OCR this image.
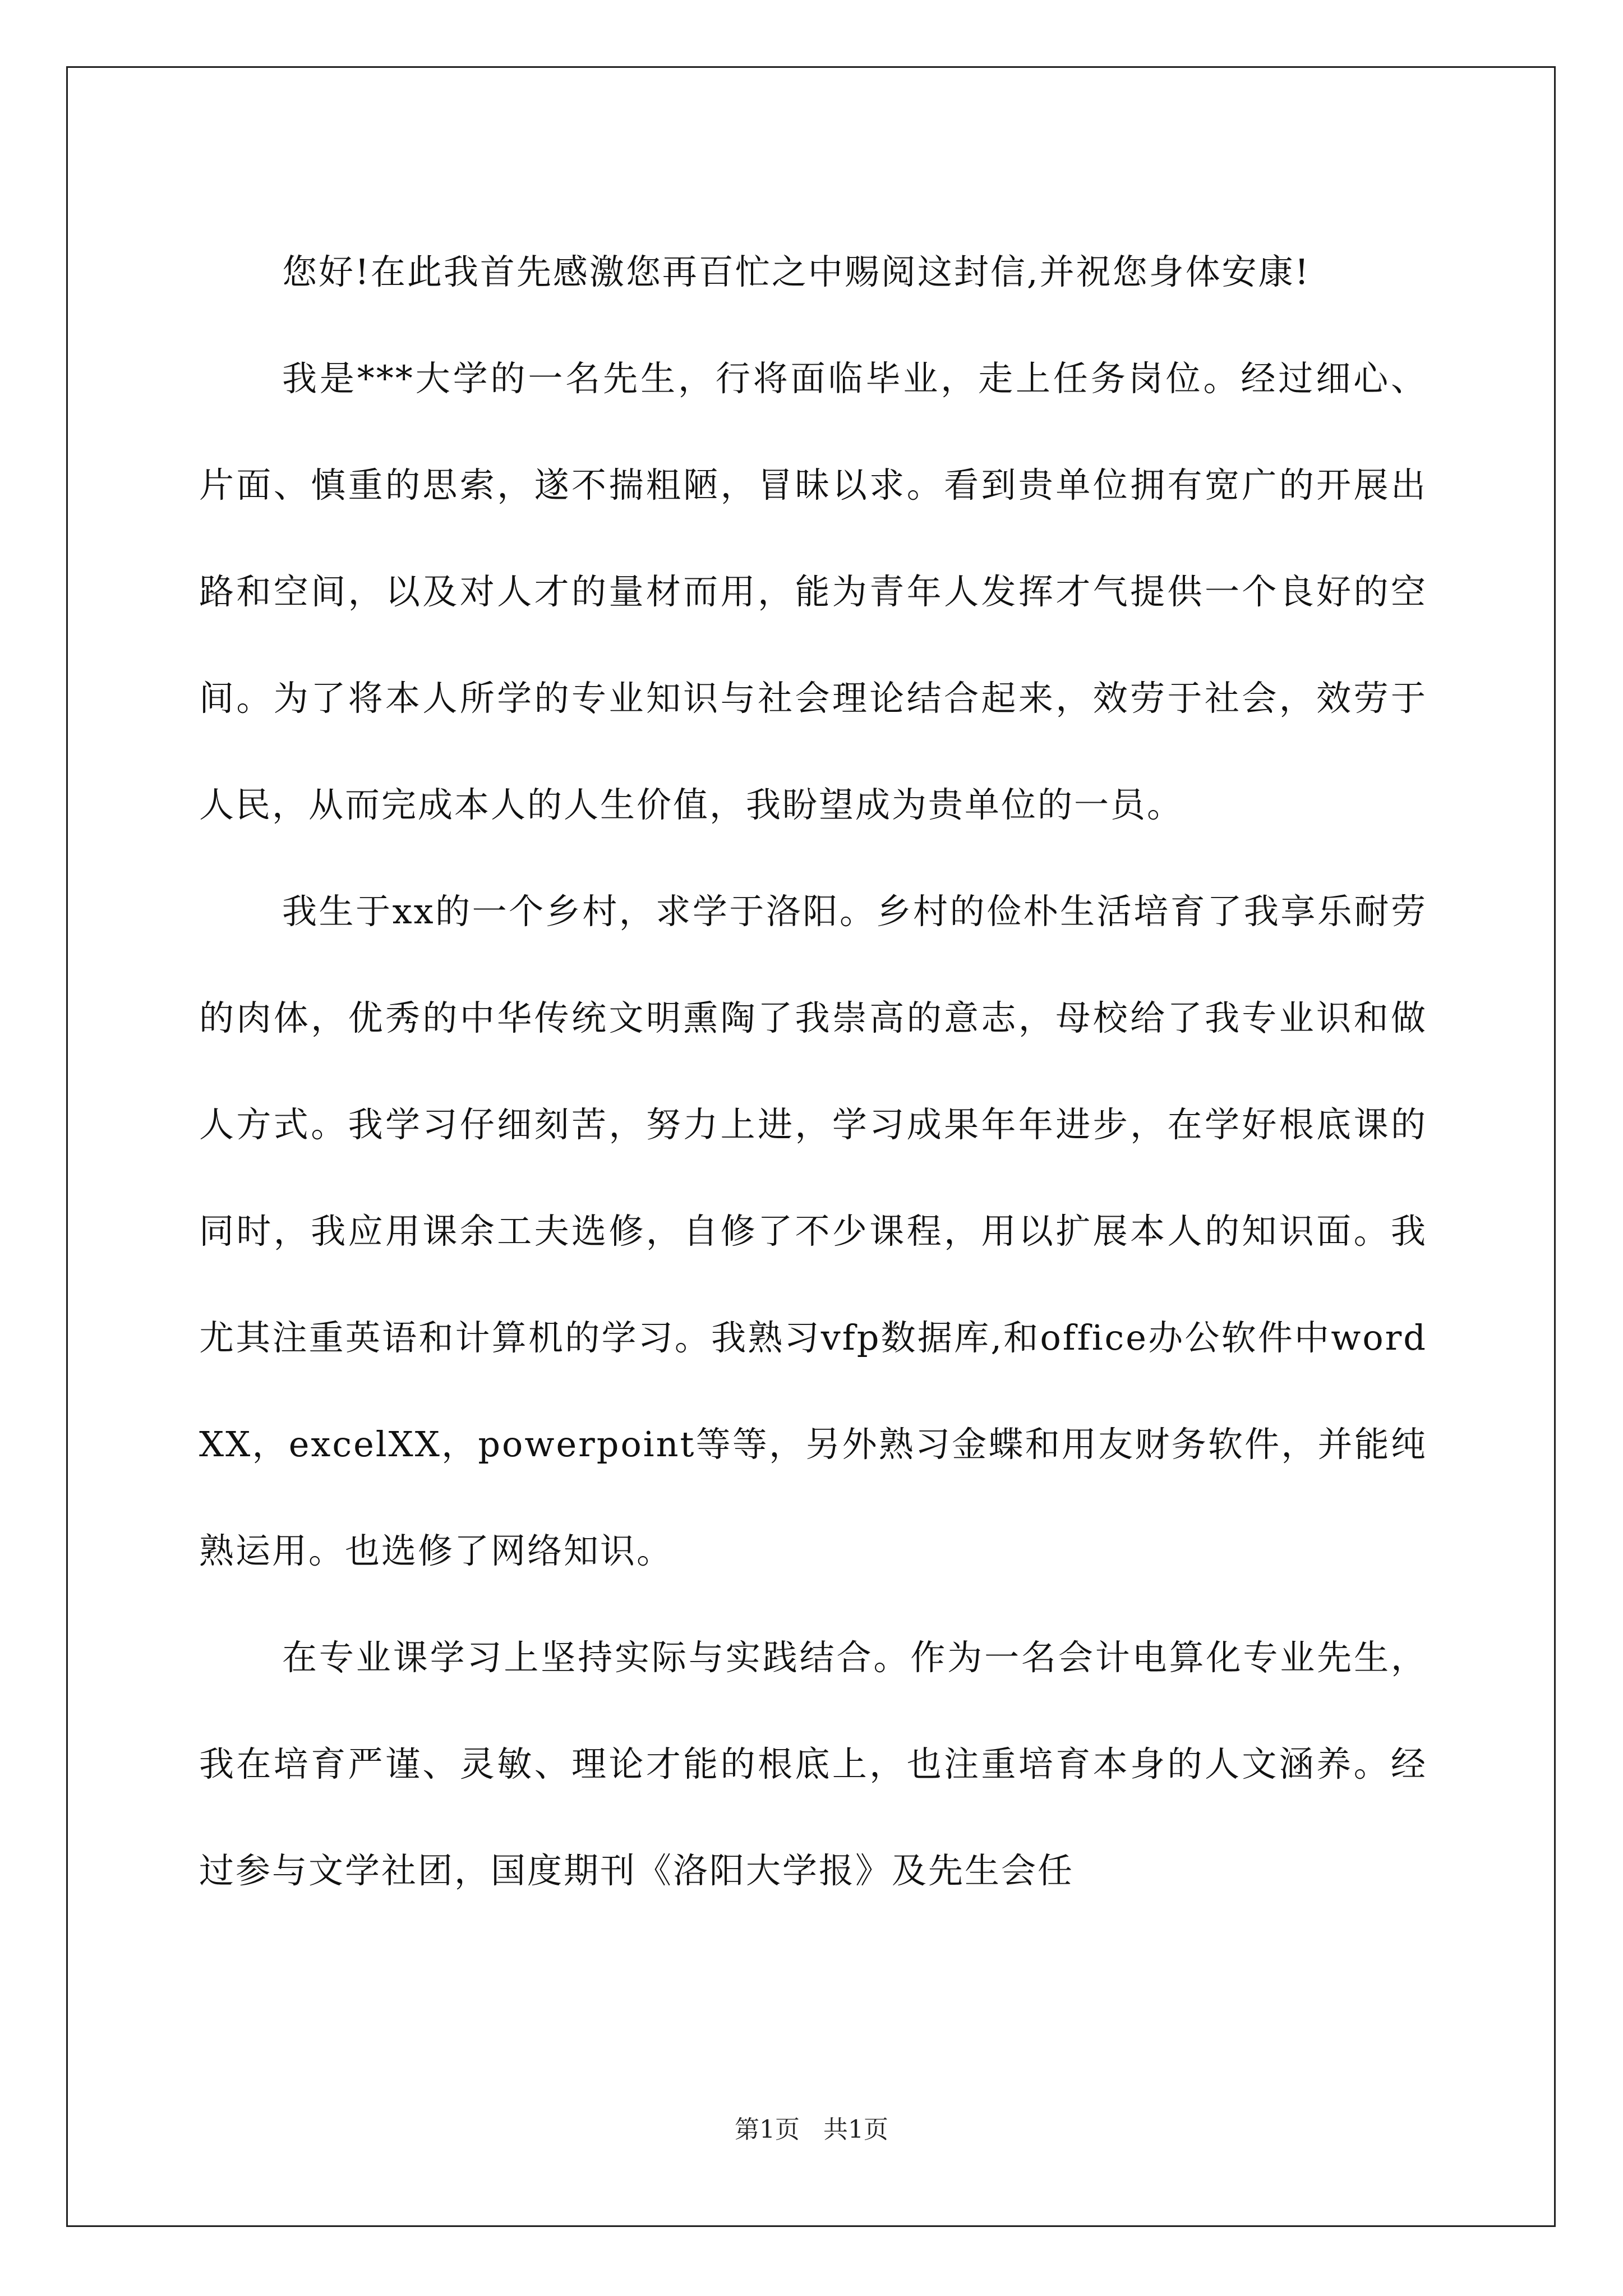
您好!在此我首先感激您再百忙之中赐阅这封信,并祝您身体安康!

我是***大学的一名先生，行将面临毕业，走上任务岗位。经过细心、片面、慎重的思索，遂不揣粗陋，冒昧以求。看到贵单位拥有宽广的开展出路和空间，以及对人才的量材而用，能为青年人发挥才气提供一个良好的空间。为了将本人所学的专业知识与社会理论结合起来，效劳于社会，效劳于人民，从而完成本人的人生价值，我盼望成为贵单位的一员。

我生于xx的一个乡村，求学于洛阳。乡村的俭朴生活培育了我享乐耐劳的肉体，优秀的中华传统文明熏陶了我崇高的意志，母校给了我专业识和做人方式。我学习仔细刻苦，努力上进，学习成果年年进步，在学好根底课的同时，我应用课余工夫选修，自修了不少课程，用以扩展本人的知识面。我尤其注重英语和计算机的学习。我熟习vfp数据库,和office办公软件中wordXX，excelXX，powerpoint等等，另外熟习金蝶和用友财务软件，并能纯熟运用。也选修了网络知识。

在专业课学习上坚持实际与实践结合。作为一名会计电算化专业先生，我在培育严谨、灵敏、理论才能的根底上，也注重培育本身的人文涵养。经过参与文学社团，国度期刊《洛阳大学报》及先生会任

第1页   共1页
